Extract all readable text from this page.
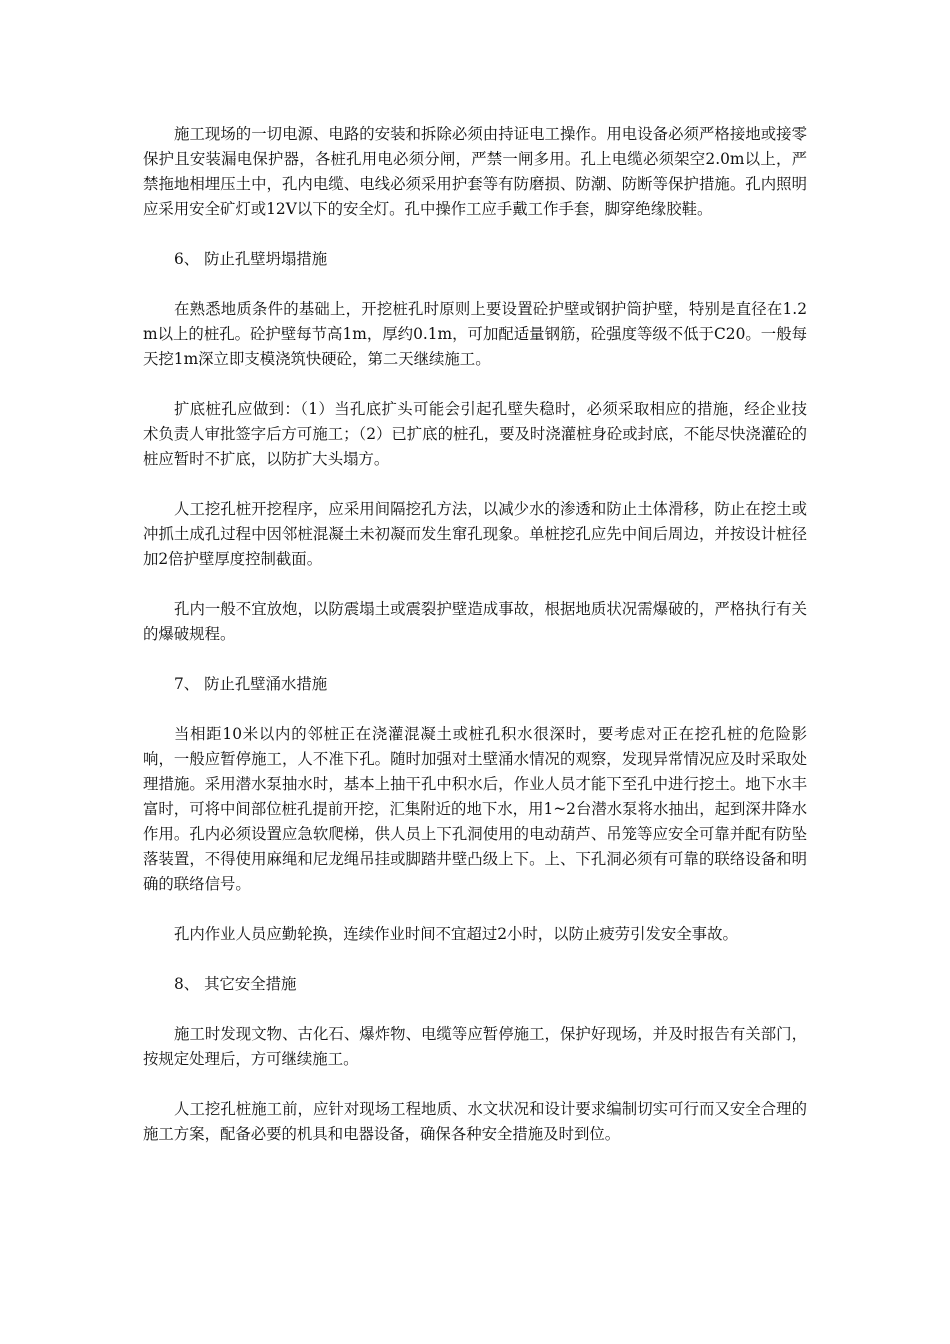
施工现场的一切电源、电路的安装和拆除必须由持证电工操作。用电设备必须严格接地或接零保护且安装漏电保护器，各桩孔用电必须分闸，严禁一闸多用。孔上电缆必须架空2.0m以上，严禁拖地相埋压土中，孔内电缆、电线必须采用护套等有防磨损、防潮、防断等保护措施。孔内照明应采用安全矿灯或12V以下的安全灯。孔中操作工应手戴工作手套，脚穿绝缘胶鞋。

6、 防止孔壁坍塌措施

在熟悉地质条件的基础上，开挖桩孔时原则上要设置砼护壁或钢护筒护壁，特别是直径在1.2m以上的桩孔。砼护壁每节高1m，厚约0.1m，可加配适量钢筋，砼强度等级不低于C20。一般每天挖1m深立即支模浇筑快硬砼，第二天继续施工。

扩底桩孔应做到：（1）当孔底扩头可能会引起孔壁失稳时，必须采取相应的措施，经企业技术负责人审批签字后方可施工；（2）已扩底的桩孔，要及时浇灌桩身砼或封底，不能尽快浇灌砼的桩应暂时不扩底，以防扩大头塌方。

人工挖孔桩开挖程序，应采用间隔挖孔方法，以减少水的渗透和防止土体滑移，防止在挖土或冲抓土成孔过程中因邻桩混凝土未初凝而发生窜孔现象。单桩挖孔应先中间后周边，并按设计桩径加2倍护壁厚度控制截面。

孔内一般不宜放炮，以防震塌土或震裂护壁造成事故，根据地质状况需爆破的，严格执行有关的爆破规程。

7、 防止孔壁涌水措施

当相距10米以内的邻桩正在浇灌混凝土或桩孔积水很深时，要考虑对正在挖孔桩的危险影响，一般应暂停施工，人不准下孔。随时加强对土壁涌水情况的观察，发现异常情况应及时采取处理措施。采用潜水泵抽水时，基本上抽干孔中积水后，作业人员才能下至孔中进行挖土。地下水丰富时，可将中间部位桩孔提前开挖，汇集附近的地下水，用1~2台潜水泵将水抽出，起到深井降水作用。孔内必须设置应急软爬梯，供人员上下孔洞使用的电动葫芦、吊笼等应安全可靠并配有防坠落装置，不得使用麻绳和尼龙绳吊挂或脚踏井壁凸级上下。上、下孔洞必须有可靠的联络设备和明确的联络信号。

孔内作业人员应勤轮换，连续作业时间不宜超过2小时，以防止疲劳引发安全事故。

8、 其它安全措施

施工时发现文物、古化石、爆炸物、电缆等应暂停施工，保护好现场，并及时报告有关部门，按规定处理后，方可继续施工。

人工挖孔桩施工前，应针对现场工程地质、水文状况和设计要求编制切实可行而又安全合理的施工方案，配备必要的机具和电器设备，确保各种安全措施及时到位。
